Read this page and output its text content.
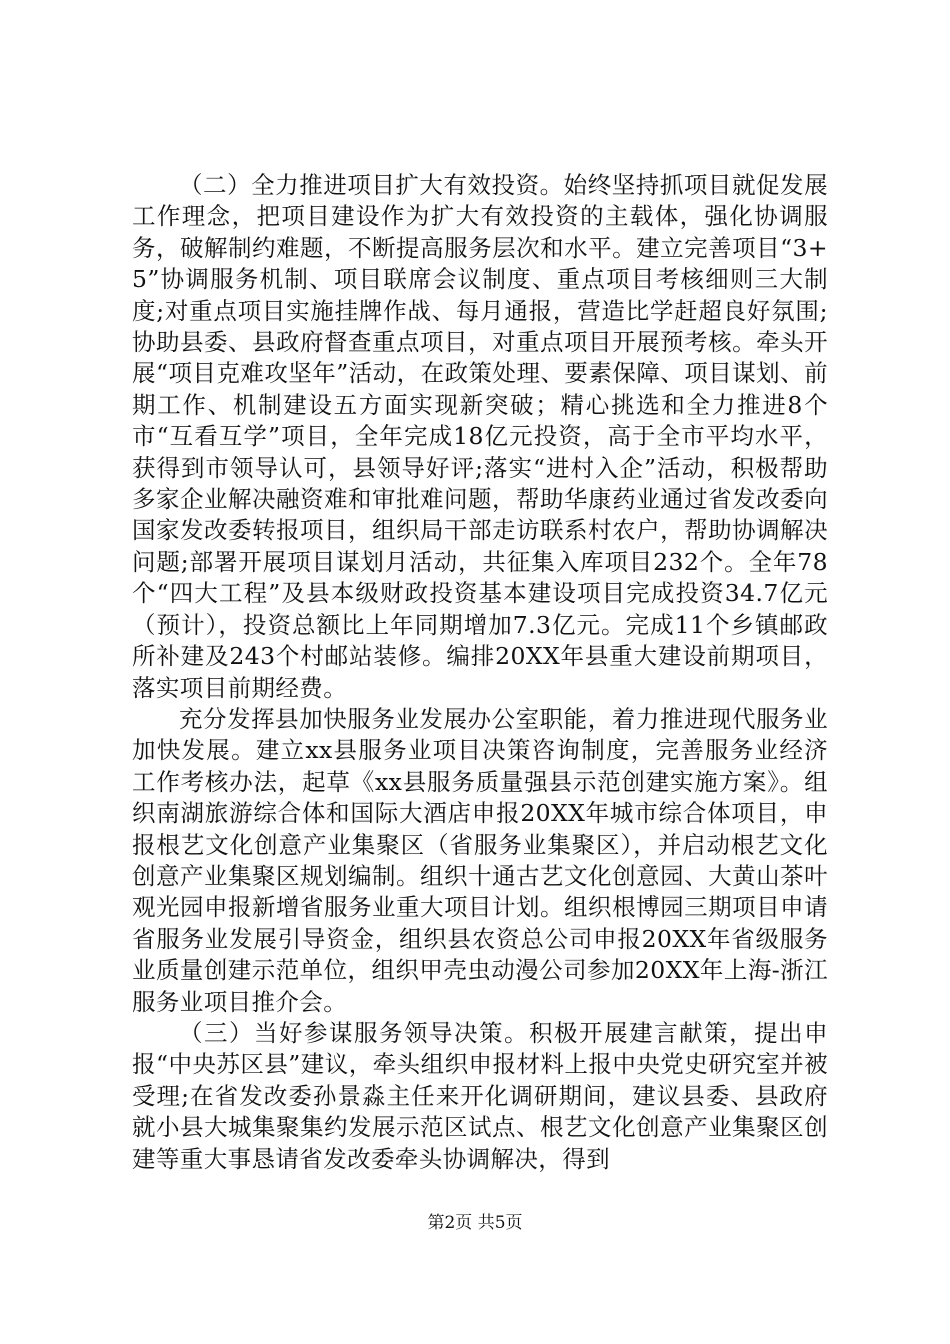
（二）全力推进项目扩大有效投资。始终坚持抓项目就促发展工作理念，把项目建设作为扩大有效投资的主载体，强化协调服务，破解制约难题，不断提高服务层次和水平。建立完善项目“3+5”协调服务机制、项目联席会议制度、重点项目考核细则三大制度;对重点项目实施挂牌作战、每月通报，营造比学赶超良好氛围;协助县委、县政府督查重点项目，对重点项目开展预考核。牵头开展“项目克难攻坚年”活动，在政策处理、要素保障、项目谋划、前期工作、机制建设五方面实现新突破；精心挑选和全力推进8个市“互看互学”项目，全年完成18亿元投资，高于全市平均水平，获得到市领导认可，县领导好评;落实“进村入企”活动，积极帮助多家企业解决融资难和审批难问题，帮助华康药业通过省发改委向国家发改委转报项目，组织局干部走访联系村农户，帮助协调解决问题;部署开展项目谋划月活动，共征集入库项目232个。全年78个“四大工程”及县本级财政投资基本建设项目完成投资34.7亿元（预计），投资总额比上年同期增加7.3亿元。完成11个乡镇邮政所补建及243个村邮站装修。编排20XX年县重大建设前期项目，落实项目前期经费。

充分发挥县加快服务业发展办公室职能，着力推进现代服务业加快发展。建立xx县服务业项目决策咨询制度，完善服务业经济工作考核办法，起草《xx县服务质量强县示范创建实施方案》。组织南湖旅游综合体和国际大酒店申报20XX年城市综合体项目，申报根艺文化创意产业集聚区（省服务业集聚区），并启动根艺文化创意产业集聚区规划编制。组织十通古艺文化创意园、大黄山茶叶观光园申报新增省服务业重大项目计划。组织根博园三期项目申请省服务业发展引导资金，组织县农资总公司申报20XX年省级服务业质量创建示范单位，组织甲壳虫动漫公司参加20XX年上海-浙江服务业项目推介会。

（三）当好参谋服务领导决策。积极开展建言献策，提出申报“中央苏区县”建议，牵头组织申报材料上报中央党史研究室并被受理;在省发改委孙景淼主任来开化调研期间，建议县委、县政府就小县大城集聚集约发展示范区试点、根艺文化创意产业集聚区创建等重大事恳请省发改委牵头协调解决，得到

第2页 共5页
